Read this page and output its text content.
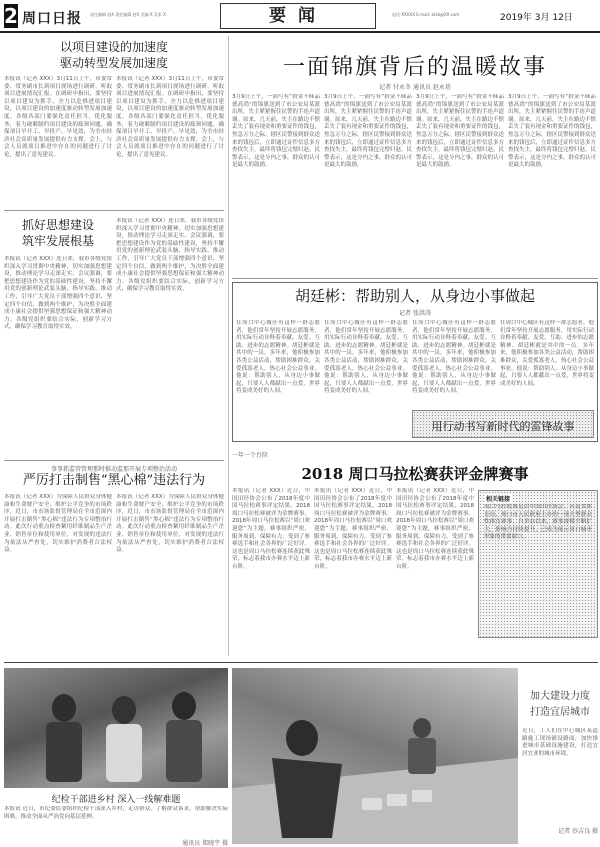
2 周口日报 责任编辑 赵X 责任编辑 赵X 美编 X 美术 X	要闻	电话 XXXXX E-mail: zkrb@XX.com	2019年 3月 12日
以项目建设的加速度
驱动转型发展加速度
本报讯（记者 XXX）3月11日上午，市委常委、常务副市长到项目现场进行调研，听取项目进展情况汇报。在调研中指出，要坚持以项目建设为抓手，全力以赴推进项目建设，以项目建设的加速度驱动转型发展加速度，各级各部门要强化责任担当，优化服务，着力破解制约项目建设的瓶颈问题，确保项目早开工、早投产、早见效，为全市经济社会高质量发展提供有力支撑。会上，与会人员就项目推进中存在的问题进行了讨论，提出了意见建议。
本报讯（记者 XXX）3月11日上午，市委常委、常务副市长到项目现场进行调研，听取项目进展情况汇报。在调研中指出，要坚持以项目建设为抓手，全力以赴推进项目建设，以项目建设的加速度驱动转型发展加速度，各级各部门要强化责任担当，优化服务，着力破解制约项目建设的瓶颈问题，确保项目早开工、早投产、早见效，为全市经济社会高质量发展提供有力支撑。会上，与会人员就项目推进中存在的问题进行了讨论，提出了意见建议。
抓好思想建设
筑牢发展根基
本报讯（记者 XXX）连日来，我市各级党组织深入学习贯彻中央精神，切实加强思想建设，推动理论学习走深走实。会议强调，要把思想建设作为党的基础性建设，坚持不懈用党的创新理论武装头脑、指导实践、推动工作，引导广大党员干部增强四个意识、坚定四个自信、做到两个维护，为决胜全面建成小康社会提供坚强思想保证和强大精神动力。各级党组织要结合实际，创新学习方式，确保学习教育取得实效。
本报讯（记者 XXX）连日来，我市各级党组织深入学习贯彻中央精神，切实加强思想建设，推动理论学习走深走实。会议强调，要把思想建设作为党的基础性建设，坚持不懈用党的创新理论武装头脑、指导实践、推动工作，引导广大党员干部增强四个意识、坚定四个自信、做到两个维护，为决胜全面建成小康社会提供坚强思想保证和强大精神动力。各级党组织要结合实际，创新学习方式，确保学习教育取得实效。
事事抓监管管理那时推动监那开展专项整治活动
严厉打击制售“黑心棉”违法行为
本报讯（记者 XXX）为保障人民群众身体健康和生命财产安全，维护公平竞争的市场秩序，近日，市市场监督管理局在全市范围内开展打击制售“黑心棉”违法行为专项整治行动。此次行动重点检查絮用纤维制品生产企业、销售单位和使用单位，对发现的违法行为依法从严查处，切实维护消费者合法权益。
本报讯（记者 XXX）为保障人民群众身体健康和生命财产安全，维护公平竞争的市场秩序，近日，市市场监督管理局在全市范围内开展打击制售“黑心棉”违法行为专项整治行动。此次行动重点检查絮用纤维制品生产企业、销售单位和使用单位，对发现的违法行为依法从严查处，切实维护消费者合法权益。
一面锦旗背后的温暖故事
记者 付永冬 通讯员 赵永基
3月9日上午，一面写有“拾金不昧品德高尚”的锦旗送到了市公安局某派出所，失主紧紧握住民警的手连声道谢。原来，几天前，失主在路边不慎丢失了装有现金和重要证件的钱包，焦急万分之际，辖区民警接到群众送来的钱包后，立即通过证件信息多方查找失主，最终将钱包完璧归赵。民警表示，这是分内之事，群众的认可是最大的鼓励。
3月9日上午，一面写有“拾金不昧品德高尚”的锦旗送到了市公安局某派出所，失主紧紧握住民警的手连声道谢。原来，几天前，失主在路边不慎丢失了装有现金和重要证件的钱包，焦急万分之际，辖区民警接到群众送来的钱包后，立即通过证件信息多方查找失主，最终将钱包完璧归赵。民警表示，这是分内之事，群众的认可是最大的鼓励。
3月9日上午，一面写有“拾金不昧品德高尚”的锦旗送到了市公安局某派出所，失主紧紧握住民警的手连声道谢。原来，几天前，失主在路边不慎丢失了装有现金和重要证件的钱包，焦急万分之际，辖区民警接到群众送来的钱包后，立即通过证件信息多方查找失主，最终将钱包完璧归赵。民警表示，这是分内之事，群众的认可是最大的鼓励。
3月9日上午，一面写有“拾金不昧品德高尚”的锦旗送到了市公安局某派出所，失主紧紧握住民警的手连声道谢。原来，几天前，失主在路边不慎丢失了装有现金和重要证件的钱包，焦急万分之际，辖区民警接到群众送来的钱包后，立即通过证件信息多方查找失主，最终将钱包完璧归赵。民警表示，这是分内之事，群众的认可是最大的鼓励。
胡廷彬：帮助别人，从身边小事做起
记者 张洪涛
在周口中心城区有这样一群志愿者，他们常年坚持开展志愿服务，用实际行动诠释着奉献、友爱、互助、进步的志愿精神。胡廷彬就是其中的一员。多年来，他积极参加各类公益活动，帮助困难群众，关爱孤寡老人，热心社会公益事业。他说：帮助别人，从身边小事做起，只要人人都献出一点爱，世界将变成美好的人间。
在周口中心城区有这样一群志愿者，他们常年坚持开展志愿服务，用实际行动诠释着奉献、友爱、互助、进步的志愿精神。胡廷彬就是其中的一员。多年来，他积极参加各类公益活动，帮助困难群众，关爱孤寡老人，热心社会公益事业。他说：帮助别人，从身边小事做起，只要人人都献出一点爱，世界将变成美好的人间。
在周口中心城区有这样一群志愿者，他们常年坚持开展志愿服务，用实际行动诠释着奉献、友爱、互助、进步的志愿精神。胡廷彬就是其中的一员。多年来，他积极参加各类公益活动，帮助困难群众，关爱孤寡老人，热心社会公益事业。他说：帮助别人，从身边小事做起，只要人人都献出一点爱，世界将变成美好的人间。
在周口中心城区有这样一群志愿者，他们常年坚持开展志愿服务，用实际行动诠释着奉献、友爱、互助、进步的志愿精神。胡廷彬就是其中的一员。多年来，他积极参加各类公益活动，帮助困难群众，关爱孤寡老人，热心社会公益事业。他说：帮助别人，从身边小事做起，只要人人都献出一点爱，世界将变成美好的人间。
用行动书写新时代的雷锋故事
一年一个台阶
2018 周口马拉松赛获评金牌赛事
本报讯（记者 XXX）近日，中国田径协会公布了2018年度中国马拉松赛事评定结果，2018周口马拉松赛被评为金牌赛事。2018年周口马拉松赛以“周口欢迎您”为主题，赛事组织严密、服务周到、保障有力，受到了参赛选手和社会各界的广泛好评。这也是周口马拉松赛连续获此殊荣，标志着我市办赛水平迈上新台阶。
本报讯（记者 XXX）近日，中国田径协会公布了2018年度中国马拉松赛事评定结果，2018周口马拉松赛被评为金牌赛事。2018年周口马拉松赛以“周口欢迎您”为主题，赛事组织严密、服务周到、保障有力，受到了参赛选手和社会各界的广泛好评。这也是周口马拉松赛连续获此殊荣，标志着我市办赛水平迈上新台阶。
本报讯（记者 XXX）近日，中国田径协会公布了2018年度中国马拉松赛事评定结果，2018周口马拉松赛被评为金牌赛事。2018年周口马拉松赛以“周口欢迎您”为主题，赛事组织严密、服务周到、保障有力，受到了参赛选手和社会各界的广泛好评。这也是周口马拉松赛连续获此殊荣，标志着我市办赛水平迈上新台阶。
相关链接
周口马拉松赛是由中国田径协会、河南省体育局、周口市人民政府主办的一项大型群众性体育赛事，自举办以来，赛事规模不断扩大，影响力持续提升，已成为展示周口城市形象的重要窗口。
纪检干部进乡村 深入一线解难题
本报讯 近日，市纪委监委组织纪检干部深入乡村，走访群众，了解群众诉求，帮助解决实际困难，推动全面从严治党向基层延伸。
通讯员 郑晓宇 摄
加大建设力度
打造宜居城市
近日，工人们在中心城区某道路施工现场铺设路面，加快推进城市基础设施建设，打造宜居宜业的城市环境。
记者 沙吉良 摄
